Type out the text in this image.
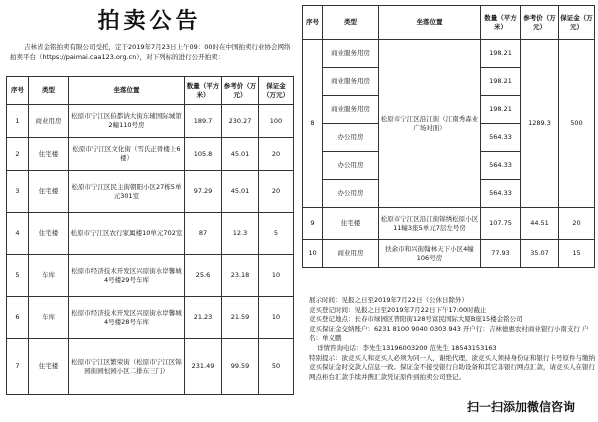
拍卖公告
吉林省金铭拍卖有限公司受托，定于2019年7月23日上午09：00时在中国拍卖行业协会网络拍卖平台（https://paimai.caa123.org.cn），对下列标的进行公开拍卖：
序号	类型	坐落位置	数量（平方米）	参考价（万元）	保证金（万元）
1	商业用房	松原市宁江区伯都讷大街东辅国际城第2幢110号房	189.7	230.27	100
2	住宅楼	松原市宁江区文化街（雪氏正骨楼上6楼）	105.8	45.01	20
3	住宅楼	松原市宁江区民主街朝阳小区27栋5单元301室	97.29	45.01	20
4	住宅楼	松原市宁江区农行家属楼10单元702室	87	12.3	5
5	车库	松原市经济技术开发区兴原街水岸馨城4号楼29号车库	25.6	23.18	10
6	车库	松原市经济技术开发区兴原街水岸馨城4号楼28号车库	21.23	21.59	10
7	住宅楼	松原市宁江区繁荣街（松原市宁江区锦园街园恒园小区二排东三门）	231.49	99.59	50
序号	类型	坐落位置	数量（平方米）	参考价（万元）	保证金（万元）
8	商业服务用房	松原市宁江区沿江街（江南秀森业广场对面）	198.21	1289.3	500
	商业服务用房		198.21		
	商业服务用房		198.21		
	办公用房		564.33		
	办公用房		564.33		
	办公用房		564.33		
9	住宅楼	松原市宁江区沿江街锦绣松原小区11幢3座5单元7层左号房	107.75	44.51	20
10	商业用房	扶余市和兴街翰林天下小区4幢106号房	77.93	35.07	15
展示时间：见报之日至2019年7月22日（公休日除外）
竞买登记时间：见报之日至2019年7月22日下午17:00时截止
竞买登记地点：长春市绿园区普阳街128号富民国际大厦B座15楼金铭公司
竞买保证金交纳账户：6231 8100 9040 0303 943 开户行：吉林德惠农村商业银行小南支行 户名：单义鹏
详情咨询电话：李先生13196003200 范先生 18543153163
特别提示：欲竞买人和竞买人必须为同一人，谢绝代理，欲竞买人须持身份证和银行卡号原件与缴纳竞买保证金时交款人信息一致。保证金不接受银行自助设备和其它非银行网点汇款，请竞买人在银行网点柜台汇款手续并携汇款凭证原件到拍卖公司登记。
扫一扫添加微信咨询
